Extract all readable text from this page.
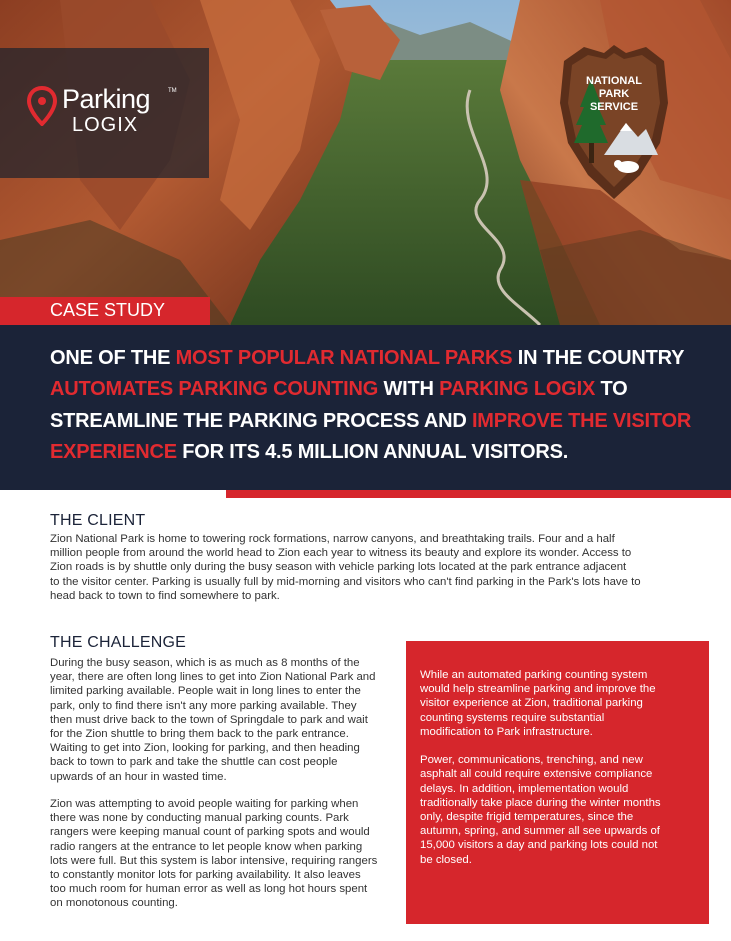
Parking	TM
LOGIX
NATIONAL
PARK
SERVICE
CASE STUDY
ONE OF THE MOST POPULAR NATIONAL PARKS IN THE COUNTRY
AUTOMATES PARKING COUNTING WITH PARKING LOGIX TO
STREAMLINE THE PARKING PROCESS AND IMPROVE THE VISITOR
EXPERIENCE FOR ITS 4.5 MILLION ANNUAL VISITORS.
THE CLIENT
Zion National Park is home to towering rock formations, narrow canyons, and breathtaking trails. Four and a half
million people from around the world head to Zion each year to witness its beauty and explore its wonder. Access to
Zion roads is by shuttle only during the busy season with vehicle parking lots located at the park entrance adjacent
to the visitor center. Parking is usually full by mid-morning and visitors who can't find parking in the Park's lots have to
head back to town to find somewhere to park.
THE CHALLENGE
During the busy season, which is as much as 8 months of the
year, there are often long lines to get into Zion National Park and
limited parking available. People wait in long lines to enter the
park, only to find there isn't any more parking available. They
then must drive back to the town of Springdale to park and wait
for the Zion shuttle to bring them back to the park entrance.
Waiting to get into Zion, looking for parking, and then heading
back to town to park and take the shuttle can cost people
upwards of an hour in wasted time.
Zion was attempting to avoid people waiting for parking when
there was none by conducting manual parking counts. Park
rangers were keeping manual count of parking spots and would
radio rangers at the entrance to let people know when parking
lots were full. But this system is labor intensive, requiring rangers
to constantly monitor lots for parking availability. It also leaves
too much room for human error as well as long hot hours spent
on monotonous counting.

While an automated parking counting system
would help streamline parking and improve the
visitor experience at Zion, traditional parking
counting systems require substantial
modification to Park infrastructure.

Power, communications, trenching, and new
asphalt all could require extensive compliance
delays. In addition, implementation would
traditionally take place during the winter months
only, despite frigid temperatures, since the
autumn, spring, and summer all see upwards of
15,000 visitors a day and parking lots could not
be closed.
